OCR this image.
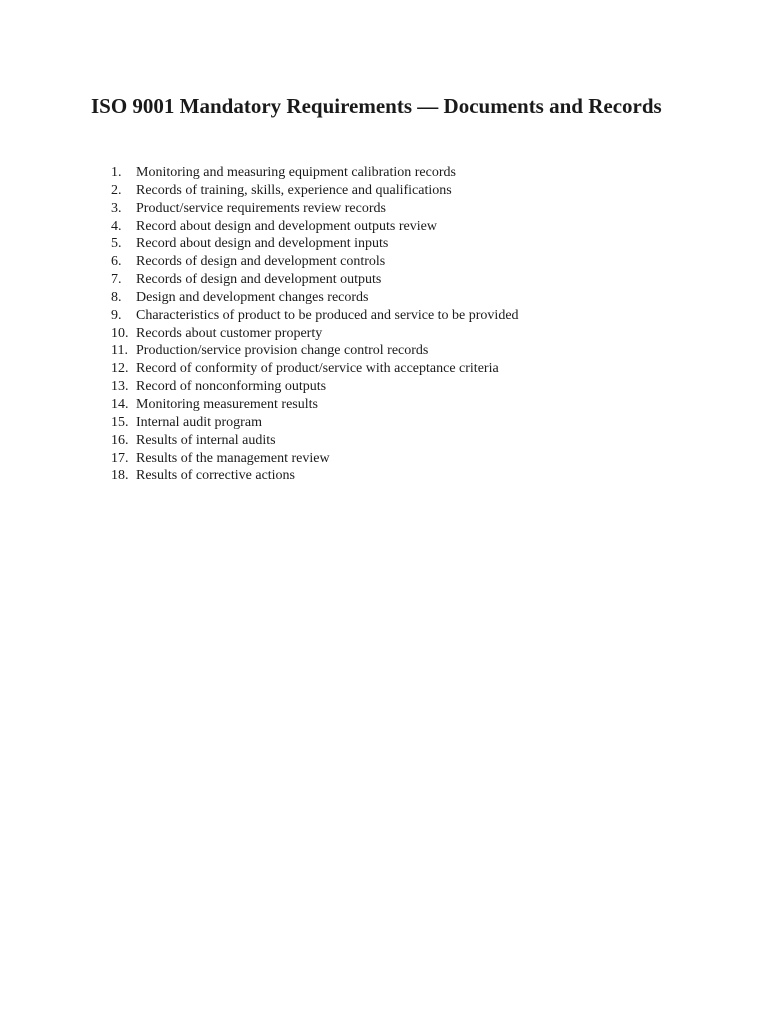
ISO 9001 Mandatory Requirements — Documents and Records
1.	Monitoring and measuring equipment calibration records
2.	Records of training, skills, experience and qualifications
3.	Product/service requirements review records
4.	Record about design and development outputs review
5.	Record about design and development inputs
6.	Records of design and development controls
7.	Records of design and development outputs
8.	Design and development changes records
9.	Characteristics of product to be produced and service to be provided
10. Records about customer property
11. Production/service provision change control records
12. Record of conformity of product/service with acceptance criteria
13. Record of nonconforming outputs
14. Monitoring measurement results
15. Internal audit program
16. Results of internal audits
17. Results of the management review
18. Results of corrective actions
